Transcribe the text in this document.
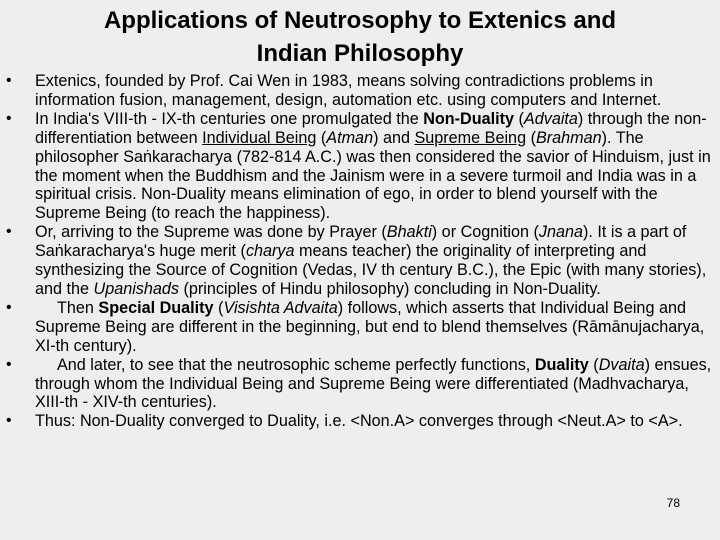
Applications of Neutrosophy to Extenics and
Indian Philosophy
• Extenics, founded by Prof. Cai Wen in 1983, means solving contradictions problems in information fusion, management, design, automation etc. using computers and Internet.
• In India's VIII-th - IX-th centuries one promulgated the Non-Duality (Advaita) through the non-differentiation between Individual Being (Atman) and Supreme Being (Brahman). The philosopher Saṅkaracharya (782-814 A.C.) was then considered the savior of Hinduism, just in the moment when the Buddhism and the Jainism were in a severe turmoil and India was in a spiritual crisis. Non-Duality means elimination of ego, in order to blend yourself with the Supreme Being (to reach the happiness).
• Or, arriving to the Supreme was done by Prayer (Bhakti) or Cognition (Jnana). It is a part of Saṅkaracharya's huge merit (charya means teacher) the originality of interpreting and synthesizing the Source of Cognition (Vedas, IV th century B.C.), the Epic (with many stories), and the Upanishads (principles of Hindu philosophy) concluding in Non-Duality.
• Then Special Duality (Visishta Advaita) follows, which asserts that Individual Being and Supreme Being are different in the beginning, but end to blend themselves (Rāmānujacharya, XI-th century).
• And later, to see that the neutrosophic scheme perfectly functions, Duality (Dvaita) ensues, through whom the Individual Being and Supreme Being were differentiated (Madhvacharya, XIII-th - XIV-th centuries).
• Thus: Non-Duality converged to Duality, i.e. <Non.A> converges through <Neut.A> to <A>.
78
